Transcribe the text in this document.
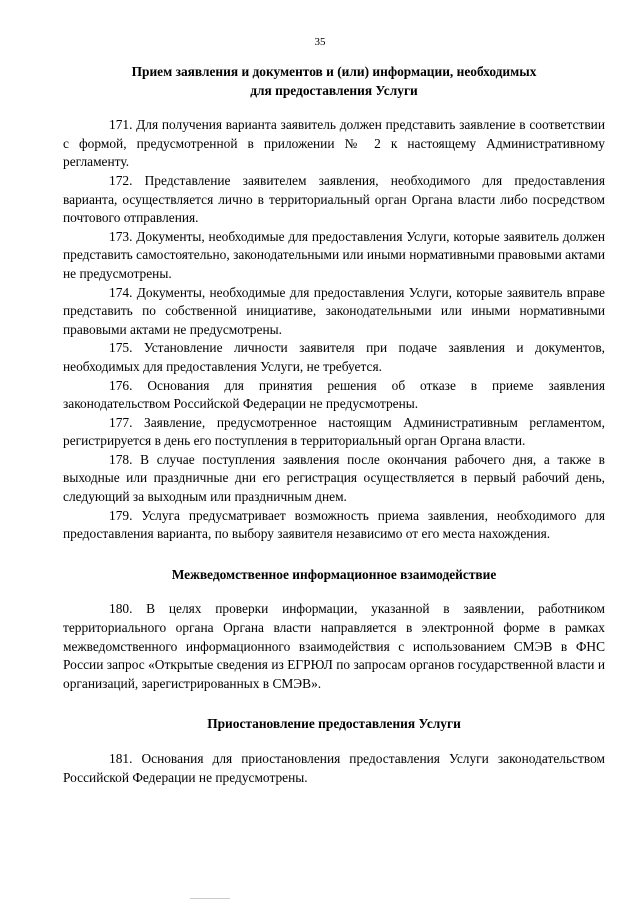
35

Прием заявления и документов и (или) информации, необходимых
для предоставления Услуги

171. Для получения варианта заявитель должен представить заявление в соответствии с формой, предусмотренной в приложении № 2 к настоящему Административному регламенту.

172. Представление заявителем заявления, необходимого для предоставления варианта, осуществляется лично в территориальный орган Органа власти либо посредством почтового отправления.

173. Документы, необходимые для предоставления Услуги, которые заявитель должен представить самостоятельно, законодательными или иными нормативными правовыми актами не предусмотрены.

174. Документы, необходимые для предоставления Услуги, которые заявитель вправе представить по собственной инициативе, законодательными или иными нормативными правовыми актами не предусмотрены.

175. Установление личности заявителя при подаче заявления и документов, необходимых для предоставления Услуги, не требуется.

176. Основания для принятия решения об отказе в приеме заявления законодательством Российской Федерации не предусмотрены.

177. Заявление, предусмотренное настоящим Административным регламентом, регистрируется в день его поступления в территориальный орган Органа власти.

178. В случае поступления заявления после окончания рабочего дня, а также в выходные или праздничные дни его регистрация осуществляется в первый рабочий день, следующий за выходным или праздничным днем.

179. Услуга предусматривает возможность приема заявления, необходимого для предоставления варианта, по выбору заявителя независимо от его места нахождения.

Межведомственное информационное взаимодействие

180. В целях проверки информации, указанной в заявлении, работником территориального органа Органа власти направляется в электронной форме в рамках межведомственного информационного взаимодействия с использованием СМЭВ в ФНС России запрос «Открытые сведения из ЕГРЮЛ по запросам органов государственной власти и организаций, зарегистрированных в СМЭВ».

Приостановление предоставления Услуги

181. Основания для приостановления предоставления Услуги законодательством Российской Федерации не предусмотрены.
